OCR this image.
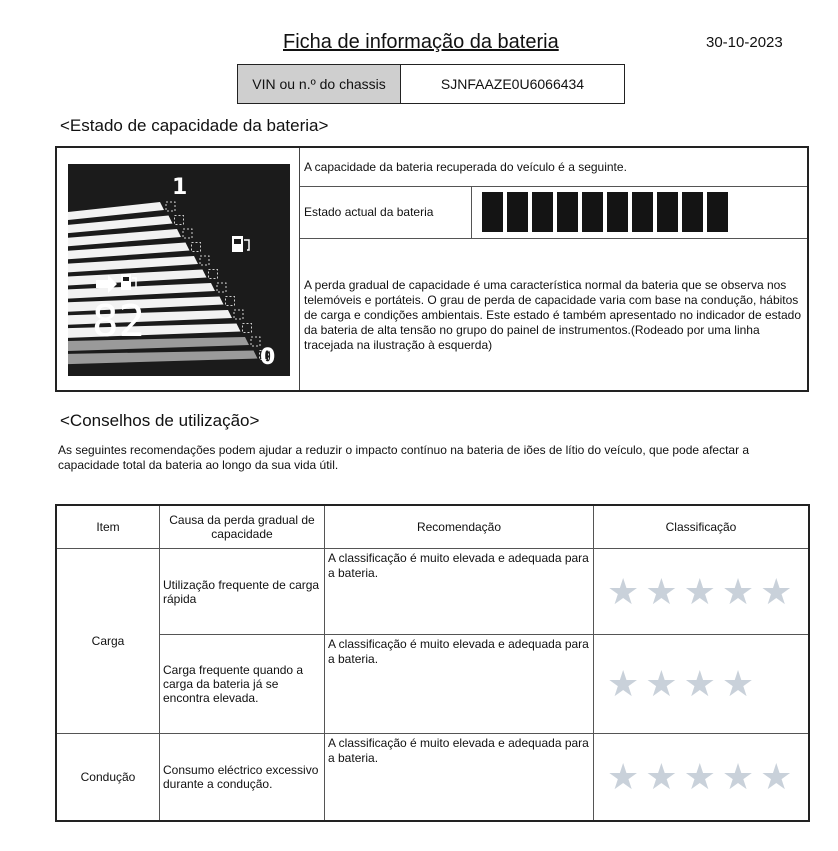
Ficha de informação da bateria	30-10-2023
VIN ou n.º do chassis	SJNFAAZE0U6066434
<Estado de capacidade da bateria>
1
0
82
A capacidade da bateria recuperada do veículo é a seguinte.
Estado actual da bateria
A perda gradual de capacidade é uma característica normal da bateria que se observa nos telemóveis e portáteis. O grau de perda de capacidade varia com base na condução, hábitos de carga e condições ambientais. Este estado é também apresentado no indicador de estado da bateria de alta tensão no grupo do painel de instrumentos.(Rodeado por uma linha tracejada na ilustração à esquerda)
<Conselhos de utilização>
As seguintes recomendações podem ajudar a reduzir o impacto contínuo na bateria de iões de lítio do veículo, que pode afectar a capacidade total da bateria ao longo da sua vida útil.
Item	Causa da perda gradual de capacidade	Recomendação	Classificação
Carga	Utilização frequente de carga rápida	A classificação é muito elevada e adequada para a bateria.	★ ★ ★ ★ ★

	Carga frequente quando a carga da bateria já se encontra elevada.	A classificação é muito elevada e adequada para a bateria.	★ ★ ★ ★

Condução	Consumo eléctrico excessivo durante a condução.	A classificação é muito elevada e adequada para a bateria.	★ ★ ★ ★ ★
